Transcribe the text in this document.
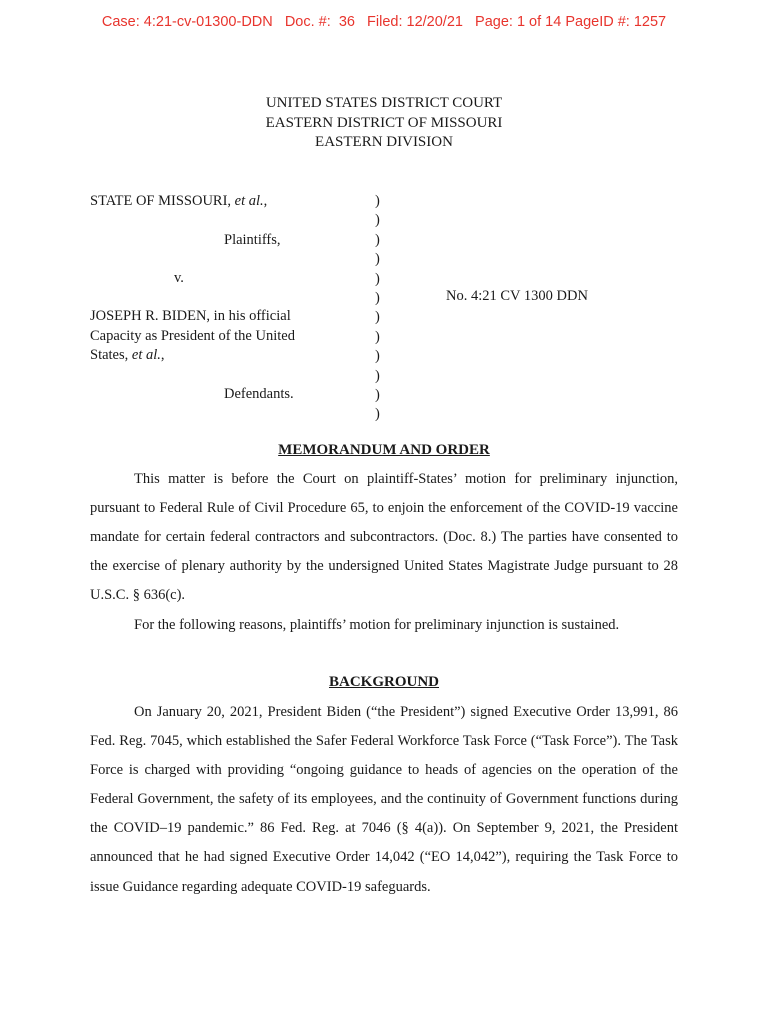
Case: 4:21-cv-01300-DDN   Doc. #:  36   Filed: 12/20/21   Page: 1 of 14 PageID #: 1257
UNITED STATES DISTRICT COURT
EASTERN DISTRICT OF MISSOURI
EASTERN DIVISION
STATE OF MISSOURI, et al.,
Plaintiffs,
v.
JOSEPH R. BIDEN, in his official
Capacity as President of the United
States, et al.,
Defendants.
)
)
)
)
)
)
)
)
)
)
)
)
No. 4:21 CV 1300 DDN
MEMORANDUM AND ORDER
This matter is before the Court on plaintiff-States’ motion for preliminary injunction, pursuant to Federal Rule of Civil Procedure 65, to enjoin the enforcement of the COVID-19 vaccine mandate for certain federal contractors and subcontractors. (Doc. 8.) The parties have consented to the exercise of plenary authority by the undersigned United States Magistrate Judge pursuant to 28 U.S.C. § 636(c).
For the following reasons, plaintiffs’ motion for preliminary injunction is sustained.
BACKGROUND
On January 20, 2021, President Biden (“the President”) signed Executive Order 13,991, 86 Fed. Reg. 7045, which established the Safer Federal Workforce Task Force (“Task Force”). The Task Force is charged with providing “ongoing guidance to heads of agencies on the operation of the Federal Government, the safety of its employees, and the continuity of Government functions during the COVID–19 pandemic.” 86 Fed. Reg. at 7046 (§ 4(a)). On September 9, 2021, the President announced that he had signed Executive Order 14,042 (“EO 14,042”), requiring the Task Force to issue Guidance regarding adequate COVID-19 safeguards.
